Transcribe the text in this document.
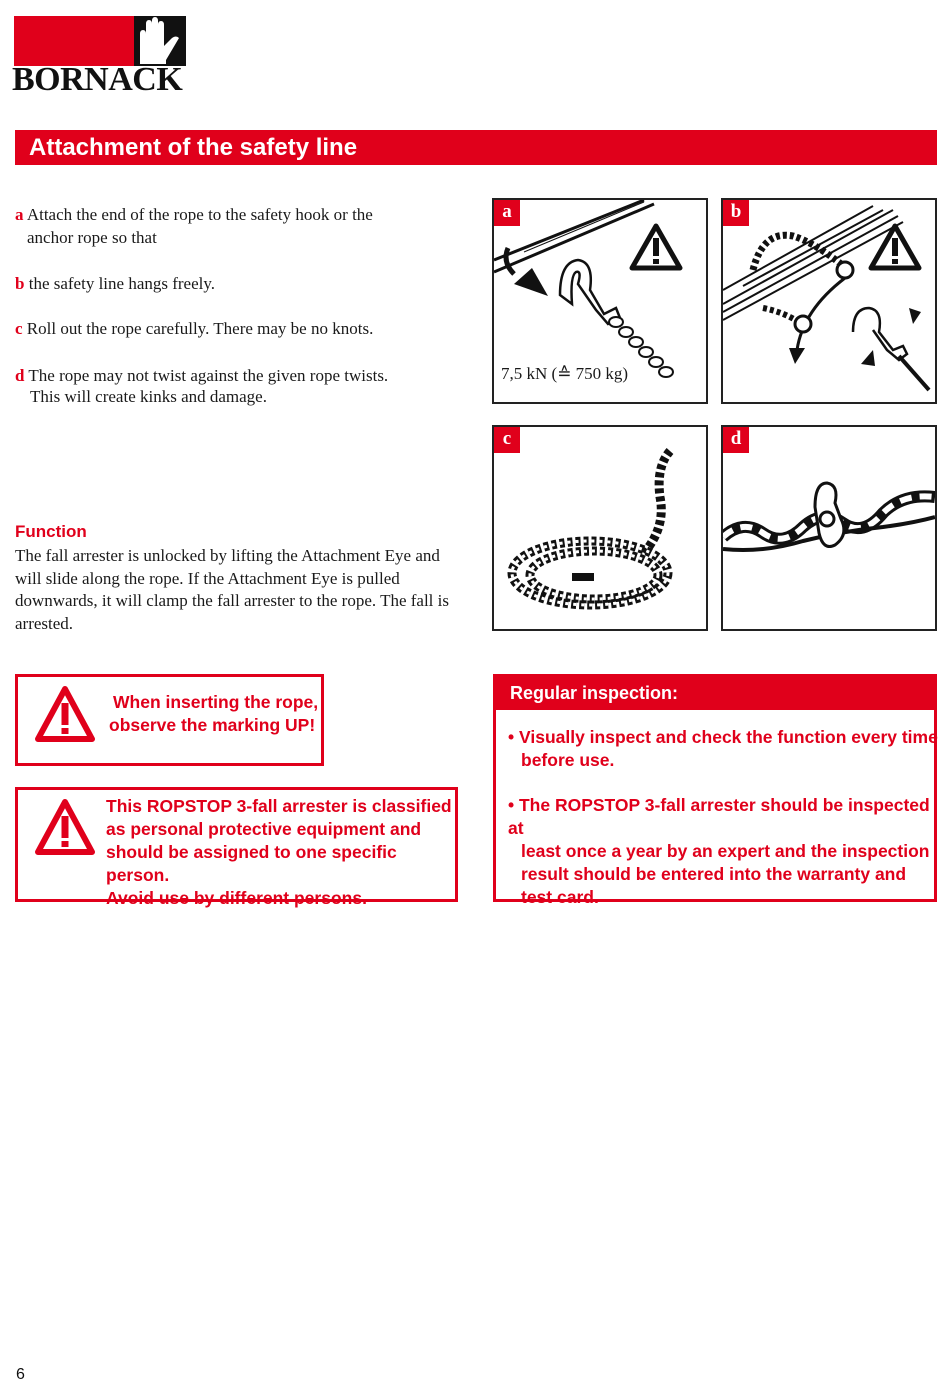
BORNACK
Attachment of the safety line
a Attach the end of the rope to the safety hook or the
anchor rope so that
b the safety line hangs freely.
c Roll out the rope carefully. There may be no knots.
d The rope may not twist against the given rope twists.
This will create kinks and damage.
Function
The fall arrester is unlocked by lifting the Attachment Eye and will slide along the rope. If the Attachment Eye is pulled downwards, it will clamp the fall arrester to the rope. The fall is arrested.
a
7,5 kN (≙ 750 kg)
b
c	d
When inserting the rope,
observe the marking UP!
This ROPSTOP 3-fall arrester is classified
as personal protective equipment and
should be assigned to one specific person.
Avoid use by different persons.
Regular inspection:
• Visually inspect and check the function every time
before use.
• The ROPSTOP 3-fall arrester should be inspected at
least once a year by an expert and the inspection
result should be entered into the warranty and
test card.
6
